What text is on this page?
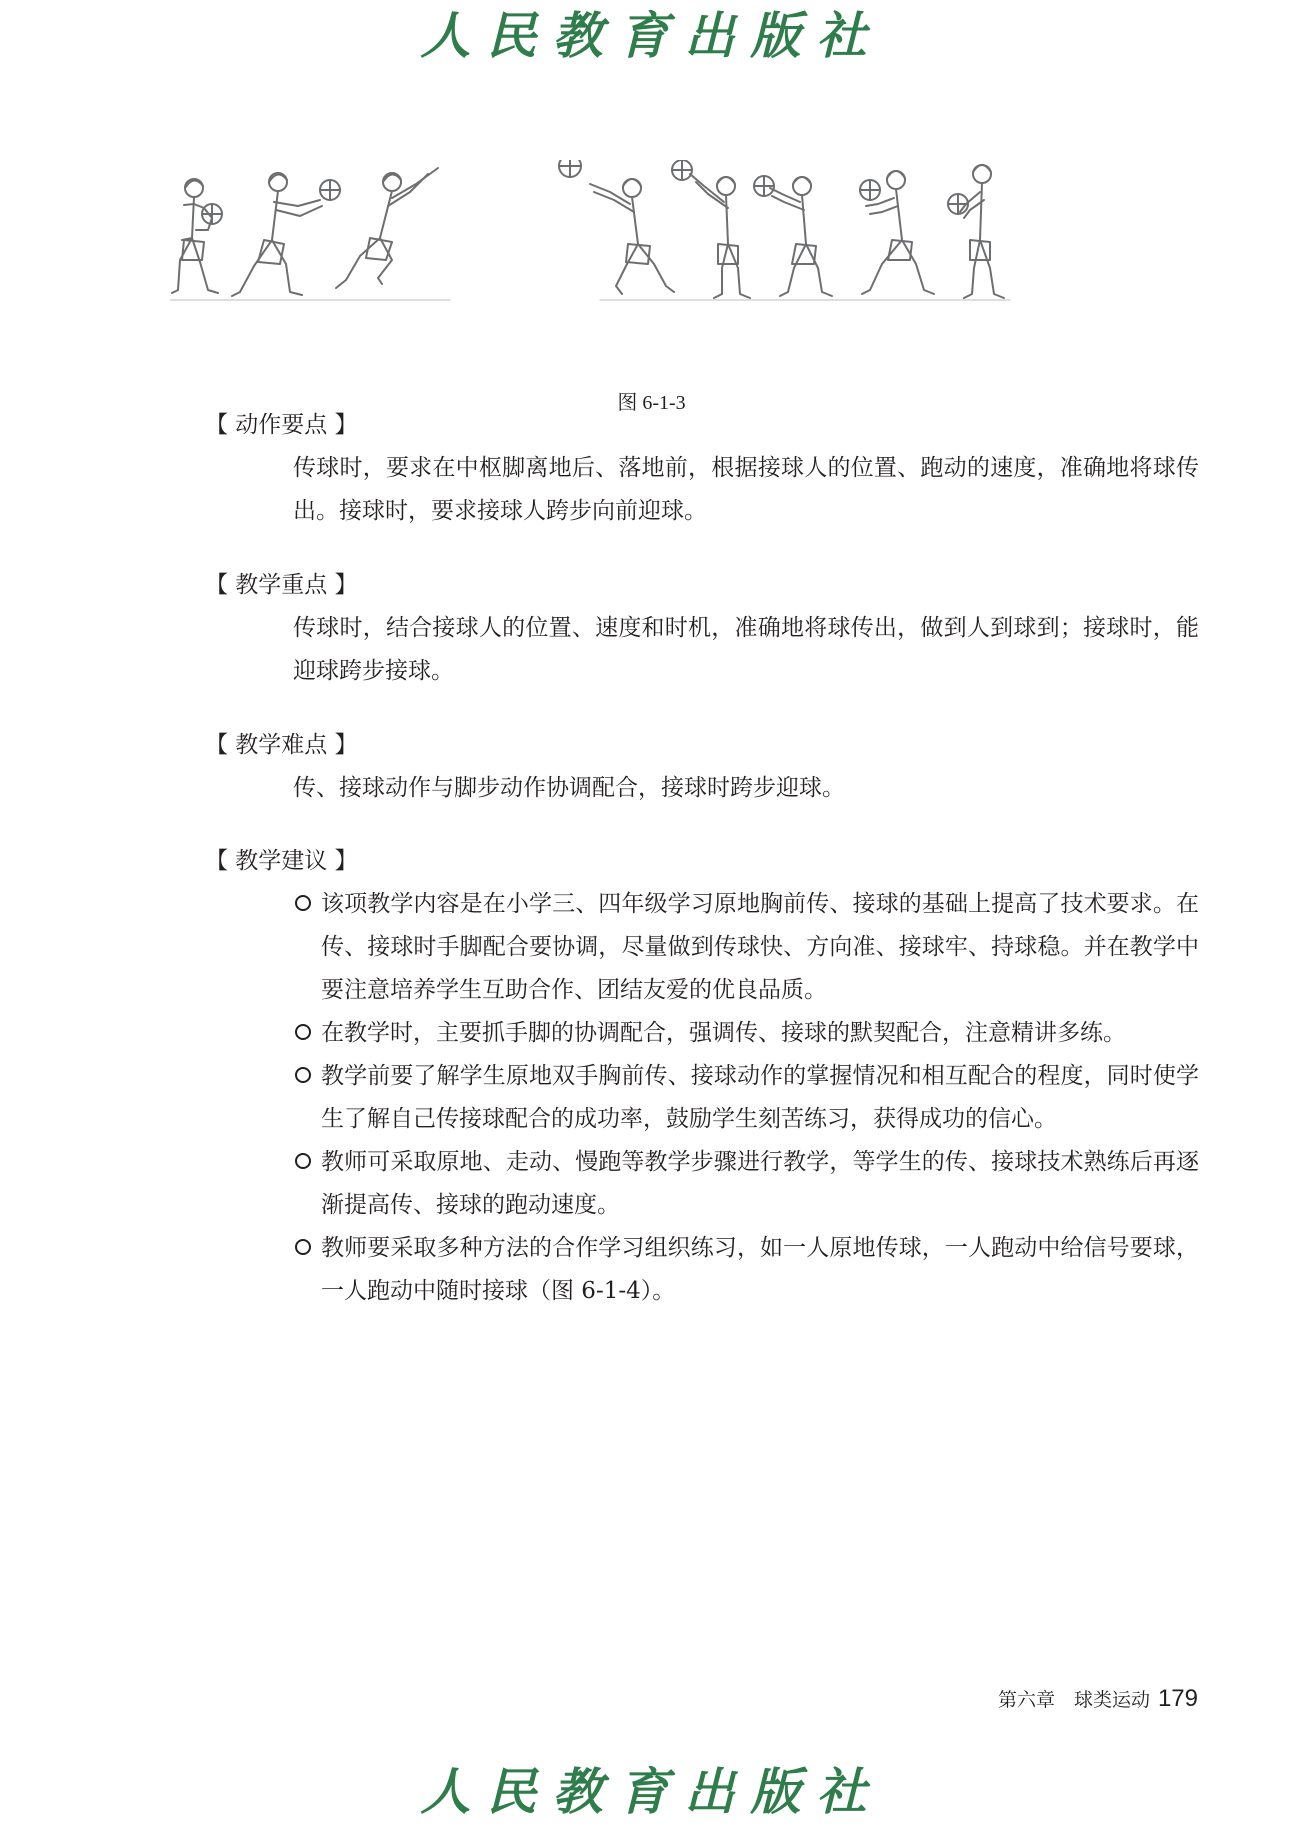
人民教育出版社
图 6-1-3

【 动作要点 】

传球时，要求在中枢脚离地后、落地前，根据接球人的位置、跑动的速度，准确地将球传出。接球时，要求接球人跨步向前迎球。

【 教学重点 】

传球时，结合接球人的位置、速度和时机，准确地将球传出，做到人到球到；接球时，能迎球跨步接球。

【 教学难点 】

传、接球动作与脚步动作协调配合，接球时跨步迎球。

【 教学建议 】

该项教学内容是在小学三、四年级学习原地胸前传、接球的基础上提高了技术要求。在传、接球时手脚配合要协调，尽量做到传球快、方向准、接球牢、持球稳。并在教学中要注意培养学生互助合作、团结友爱的优良品质。
在教学时，主要抓手脚的协调配合，强调传、接球的默契配合，注意精讲多练。
教学前要了解学生原地双手胸前传、接球动作的掌握情况和相互配合的程度，同时使学生了解自己传接球配合的成功率，鼓励学生刻苦练习，获得成功的信心。
教师可采取原地、走动、慢跑等教学步骤进行教学，等学生的传、接球技术熟练后再逐渐提高传、接球的跑动速度。
教师要采取多种方法的合作学习组织练习，如一人原地传球，一人跑动中给信号要球，一人跑动中随时接球（图 6-1-4）。
第六章　球类运动 179
人民教育出版社
